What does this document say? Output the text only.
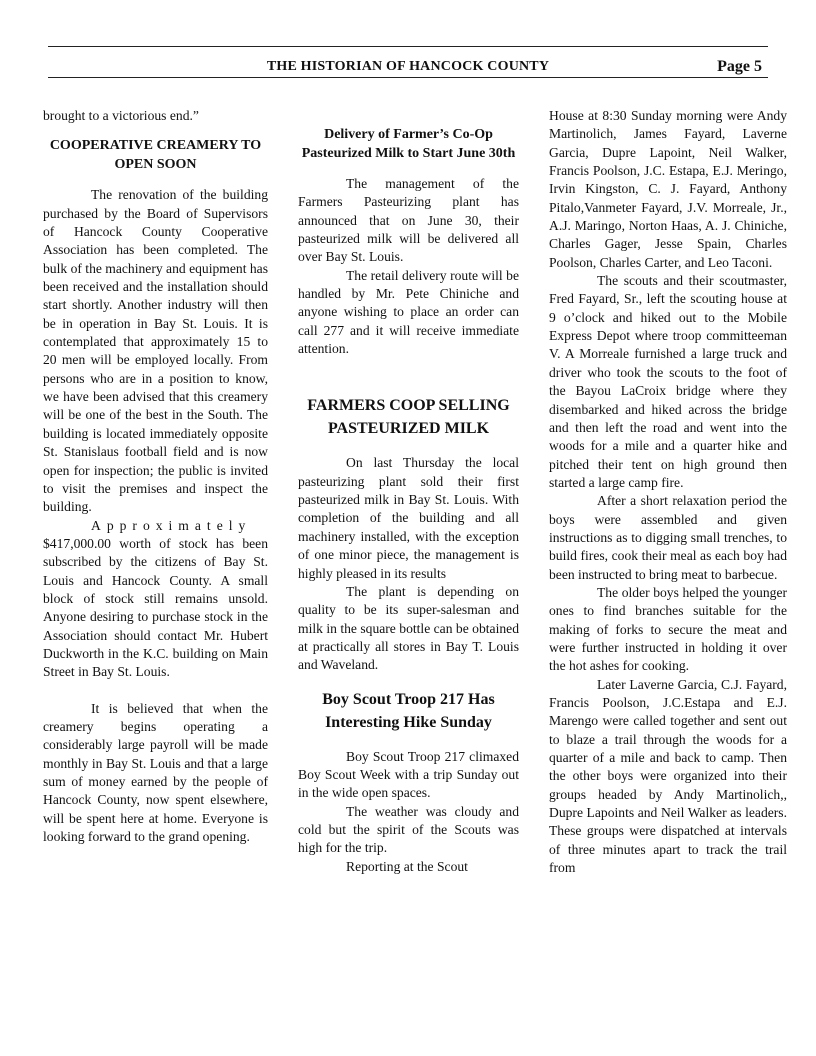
THE HISTORIAN OF HANCOCK COUNTY	Page 5

brought to a victorious end.”

COOPERATIVE CREAMERY TO OPEN SOON

The renovation of the building purchased by the Board of Supervisors of Hancock County Cooperative Association has been completed. The bulk of the machinery and equipment has been received and the installation should start shortly. Another industry will then be in operation in Bay St. Louis. It is contemplated that approximately 15 to 20 men will be employed locally. From persons who are in a position to know, we have been advised that this creamery will be one of the best in the South. The building is located immediately opposite St. Stanislaus football field and is now open for inspection; the public is invited to visit the premises and inspect the building.

Approximately

$417,000.00 worth of stock has been subscribed by the citizens of Bay St. Louis and Hancock County. A small block of stock still remains unsold. Anyone desiring to purchase stock in the Association should contact Mr. Hubert Duckworth in the K.C. building on Main Street in Bay St. Louis.

It is believed that when the creamery begins operating a considerably large payroll will be made monthly in Bay St. Louis and that a large sum of money earned by the people of Hancock County, now spent elsewhere, will be spent here at home. Everyone is looking forward to the grand opening.

Delivery of Farmer’s Co-Op Pasteurized Milk to Start June 30th

The management of the Farmers Pasteurizing plant has announced that on June 30, their pasteurized milk will be delivered all over Bay St. Louis.

The retail delivery route will be handled by Mr. Pete Chiniche and anyone wishing to place an order can call 277 and it will receive immediate attention.

FARMERS COOP SELLING PASTEURIZED MILK

On last Thursday the local pasteurizing plant sold their first pasteurized milk in Bay St. Louis. With completion of the building and all machinery installed, with the exception of one minor piece, the management is highly pleased in its results

The plant is depending on quality to be its super-salesman and milk in the square bottle can be obtained at practically all stores in Bay T. Louis and Waveland.

Boy Scout Troop 217 Has Interesting Hike Sunday

Boy Scout Troop 217 climaxed Boy Scout Week with a trip Sunday out in the wide open spaces.

The weather was cloudy and cold but the spirit of the Scouts was high for the trip.

Reporting at the Scout

House at 8:30 Sunday morning were Andy Martinolich, James Fayard, Laverne Garcia, Dupre Lapoint, Neil Walker, Francis Poolson, J.C. Estapa, E.J. Meringo, Irvin Kingston, C. J. Fayard, Anthony Pitalo,Vanmeter Fayard, J.V. Morreale, Jr., A.J. Maringo, Norton Haas, A. J. Chiniche, Charles Gager, Jesse Spain, Charles Poolson, Charles Carter, and Leo Taconi.

The scouts and their scoutmaster, Fred Fayard, Sr., left the scouting house at 9 o’clock and hiked out to the Mobile Express Depot where troop committeeman V. A Morreale furnished a large truck and driver who took the scouts to the foot of the Bayou LaCroix bridge where they disembarked and hiked across the bridge and then left the road and went into the woods for a mile and a quarter hike and pitched their tent on high ground then started a large camp fire.

After a short relaxation period the boys were assembled and given instructions as to digging small trenches, to build fires, cook their meal as each boy had been instructed to bring meat to barbecue.

The older boys helped the younger ones to find branches suitable for the making of forks to secure the meat and were further instructed in holding it over the hot ashes for cooking.

Later Laverne Garcia, C.J. Fayard, Francis Poolson, J.C.Estapa and E.J. Marengo were called together and sent out to blaze a trail through the woods for a quarter of a mile and back to camp. Then the other boys were organized into their groups headed by Andy Martinolich,, Dupre Lapoints and Neil Walker as leaders. These groups were dispatched at intervals of three minutes apart to track the trail from
